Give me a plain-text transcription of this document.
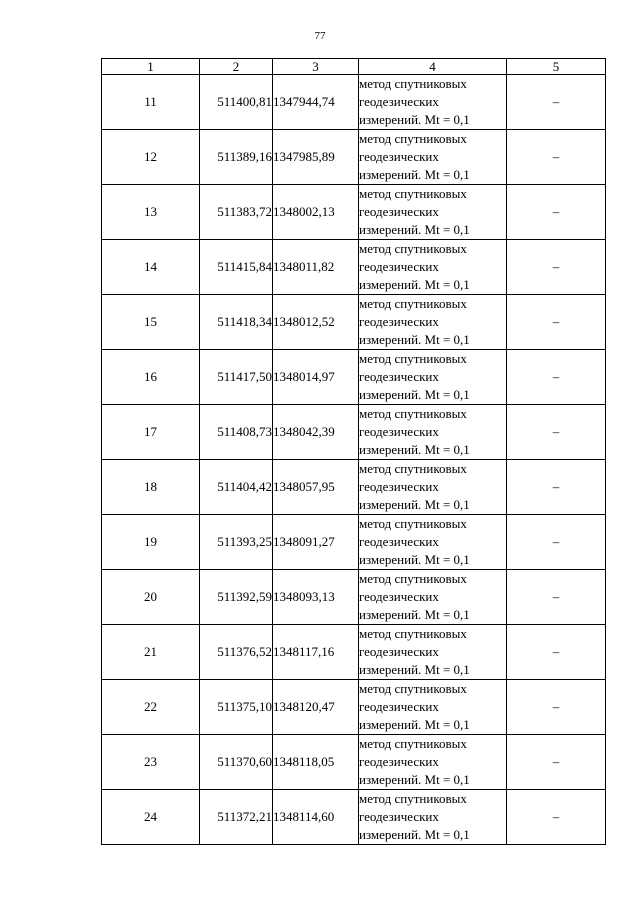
77
1	2	3	4	5
11	511400,81	1347944,74	метод спутниковых
геодезических
измерений. Mt = 0,1	–
12	511389,16	1347985,89	метод спутниковых
геодезических
измерений. Mt = 0,1	–
13	511383,72	1348002,13	метод спутниковых
геодезических
измерений. Mt = 0,1	–
14	511415,84	1348011,82	метод спутниковых
геодезических
измерений. Mt = 0,1	–
15	511418,34	1348012,52	метод спутниковых
геодезических
измерений. Mt = 0,1	–
16	511417,50	1348014,97	метод спутниковых
геодезических
измерений. Mt = 0,1	–
17	511408,73	1348042,39	метод спутниковых
геодезических
измерений. Mt = 0,1	–
18	511404,42	1348057,95	метод спутниковых
геодезических
измерений. Mt = 0,1	–
19	511393,25	1348091,27	метод спутниковых
геодезических
измерений. Mt = 0,1	–
20	511392,59	1348093,13	метод спутниковых
геодезических
измерений. Mt = 0,1	–
21	511376,52	1348117,16	метод спутниковых
геодезических
измерений. Mt = 0,1	–
22	511375,10	1348120,47	метод спутниковых
геодезических
измерений. Mt = 0,1	–
23	511370,60	1348118,05	метод спутниковых
геодезических
измерений. Mt = 0,1	–
24	511372,21	1348114,60	метод спутниковых
геодезических
измерений. Mt = 0,1	–
